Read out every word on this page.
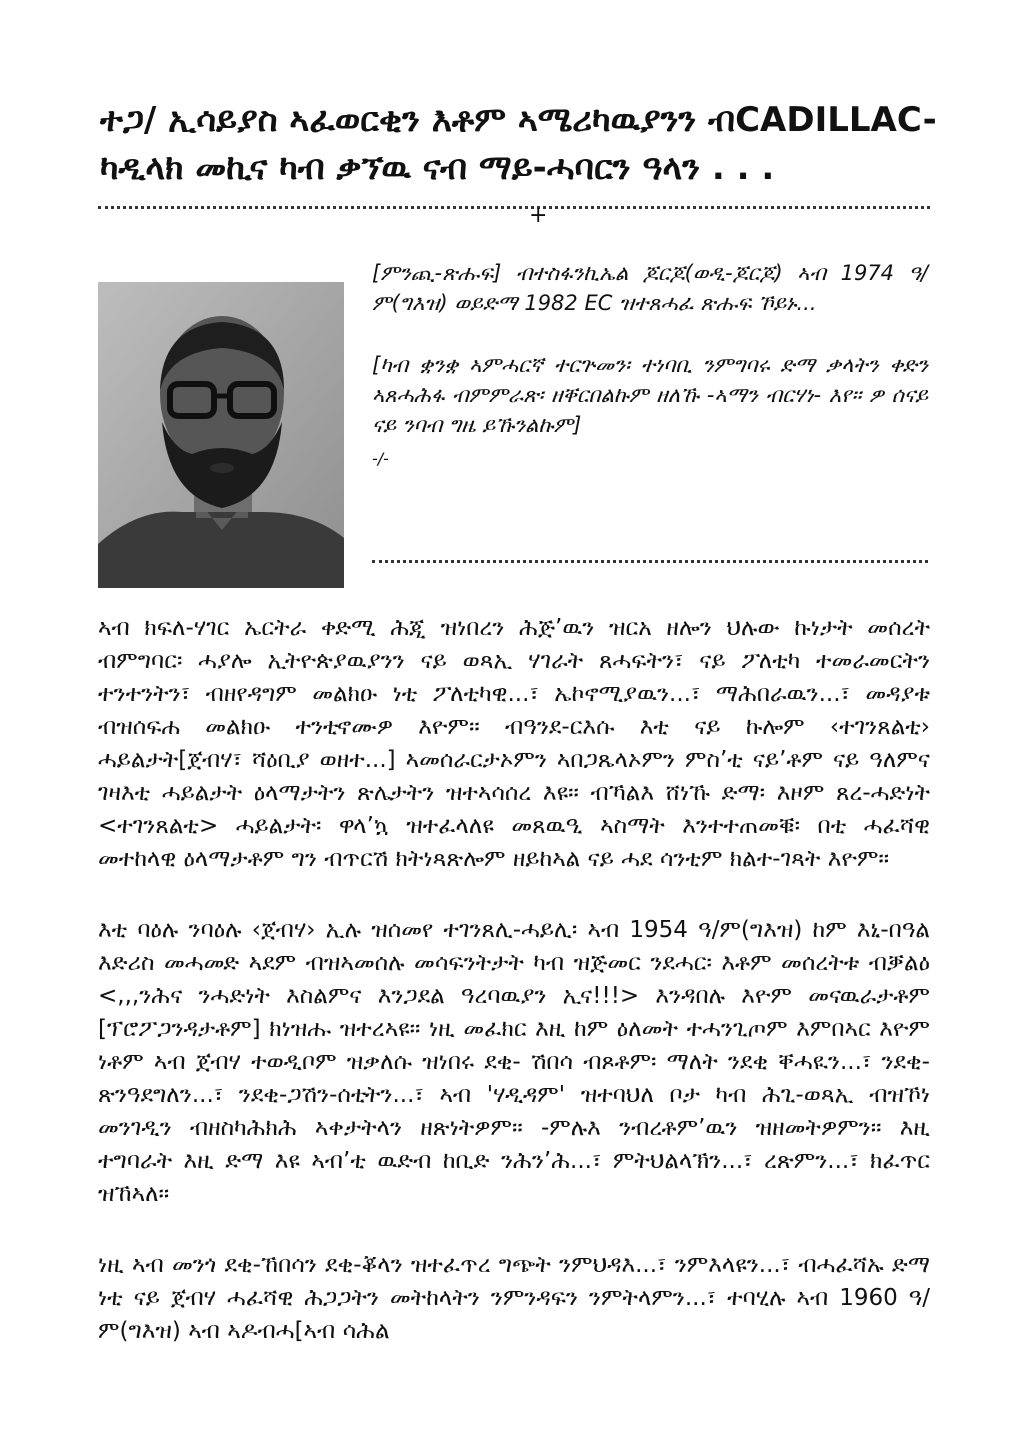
ተጋ/ ኢሳይያስ ኣፈወርቂን እቶም ኣሜሪካዉያንን ብCADILLAC-
ካዲላክ መኪና ካብ ቃኘዉ ናብ ማይ-ሓባርን ዓላን . . .
+

[ምንጪ-ጽሑፍ] ብተስፋንኪኤል ጆርጆ(ወዲ-ጆርጆ) ኣብ 1974 ዓ/ም(ግእዝ) ወይድማ 1982 EC ዝተጸሓፈ ጽሑፍ ኾይኑ...

[ካብ ቋንቋ ኣምሓርኛ ተርጕመን፡ ተነባቢ ንምግባሩ ድማ ቃላትን ቀድን ኣጸሓሕፋ ብምምራጽ፡ ዘቐርበልኩም ዘለኹ -ኣማን ብርሃነ- እየ። ዎ ሰናይ ናይ ንባብ ግዜ ይኹንልኩም]

-/-

ኣብ ክፍለ-ሃገር ኤርትራ ቀድሚ ሕጂ ዝነበረን ሕጅ’ዉን ዝርአ ዘሎን ህሉው ኩነታት መሰረት ብምግባር፡ ሓያሎ ኢትዮጵያዉያንን ናይ ወጻኢ ሃገራት ጸሓፍትን፣ ናይ ፖለቲካ ተመራመርትን ተንተንትን፣ ብዘየዳግም መልክዑ ነቲ ፖለቲካዊ...፣ ኤኮኖሚያዉን...፣ ማሕበራዉን...፣ መዳያቱ ብዝሰፍሐ መልክዑ ተንቲኖሙዎ እዮም። ብዓንደ-ርእሱ እቲ ናይ ኩሎም ‹ተገንጸልቲ› ሓይልታት[ጀብሃ፣ ሻዕቢያ ወዘተ...] ኣመሰራርታኦምን ኣበጋጼላኦምን ምስ’ቲ ናይ’ቶም ናይ ዓለምና ገዛእቲ ሓይልታት ዕላማታትን ጽሌታትን ዝተኣሳሰረ እዩ። ብኻልእ ሸነኹ ድማ፡ እዞም ጸረ-ሓድነት <ተገንጸልቲ> ሓይልታት፡ ዋላ’ኳ ዝተፈላለዩ መጸዉዒ ኣስማት እንተተጠመቑ፡ በቲ ሓፈሻዊ መተከላዊ ዕላማታቶም ግን ብጥርሽ ክትነጻጽሎም ዘይከኣል ናይ ሓደ ሳንቲም ክልተ-ገጻት እዮም።

እቲ ባዕሉ ንባዕሉ ‹ጀብሃ› ኢሉ ዝሰመየ ተገንጸሊ-ሓይሊ፡ ኣብ 1954 ዓ/ም(ግእዝ) ከም እኒ-በዓል እድሪስ መሓመድ ኣደም ብዝኣመሰሉ መሳፍንትታት ካብ ዝጅመር ንደሓር፡ እቶም መሰረትቱ ብቓልዕ <,,,ንሕና ንሓድነት እስልምና እንጋደል ዓረባዉያን ኢና!!!> እንዳበሉ እዮም መናዉራታቶም [ፕሮፖጋንዳታቶም] ክነዝሑ ዝተረኣዩ። ነዚ መፈክር እዚ ከም ዕለመት ተሓንጊጦም እምበኣር እዮም ነቶም ኣብ ጀብሃ ተወዲቦም ዝቃለሱ ዝነበሩ ደቂ- ሽበሳ ብጾቶም፡ ማለት ንደቂ ቐሓዪን...፣ ንደቂ-ጽንዓደግለን...፣ ንደቂ-ጋሽን-ሰቲትን...፣ ኣብ 'ሃዲዳም' ዝተባህለ ቦታ ካብ ሕጊ-ወጻኢ ብዝኾነ መንገዲን ብዘስካሕክሕ ኣቀታትላን ዘጽነትዎም። -ምሉእ ንብረቶም’ዉን ዝዘመትዎምን። እዚ ተግባራት እዚ ድማ እዩ ኣብ’ቲ ዉድብ ከቢድ ንሕን’ሕ...፣ ምትህልላኽን...፣ ረጽምን...፣ ክፈጥር ዝኸኣለ።

ነዚ ኣብ መንጎ ደቂ-ኸበሳን ደቂ-ቖላን ዝተፈጥረ ግጭት ንምህዳእ...፣ ንምእላዩን...፣ ብሓፈሻኡ ድማ ነቲ ናይ ጀብሃ ሓፈሻዊ ሕጋጋትን መትከላትን ንምንዳፍን ንምትላምን...፣ ተባሂሉ ኣብ 1960 ዓ/ም(ግእዝ) ኣብ ኣዶብሓ[ኣብ ሳሕል
